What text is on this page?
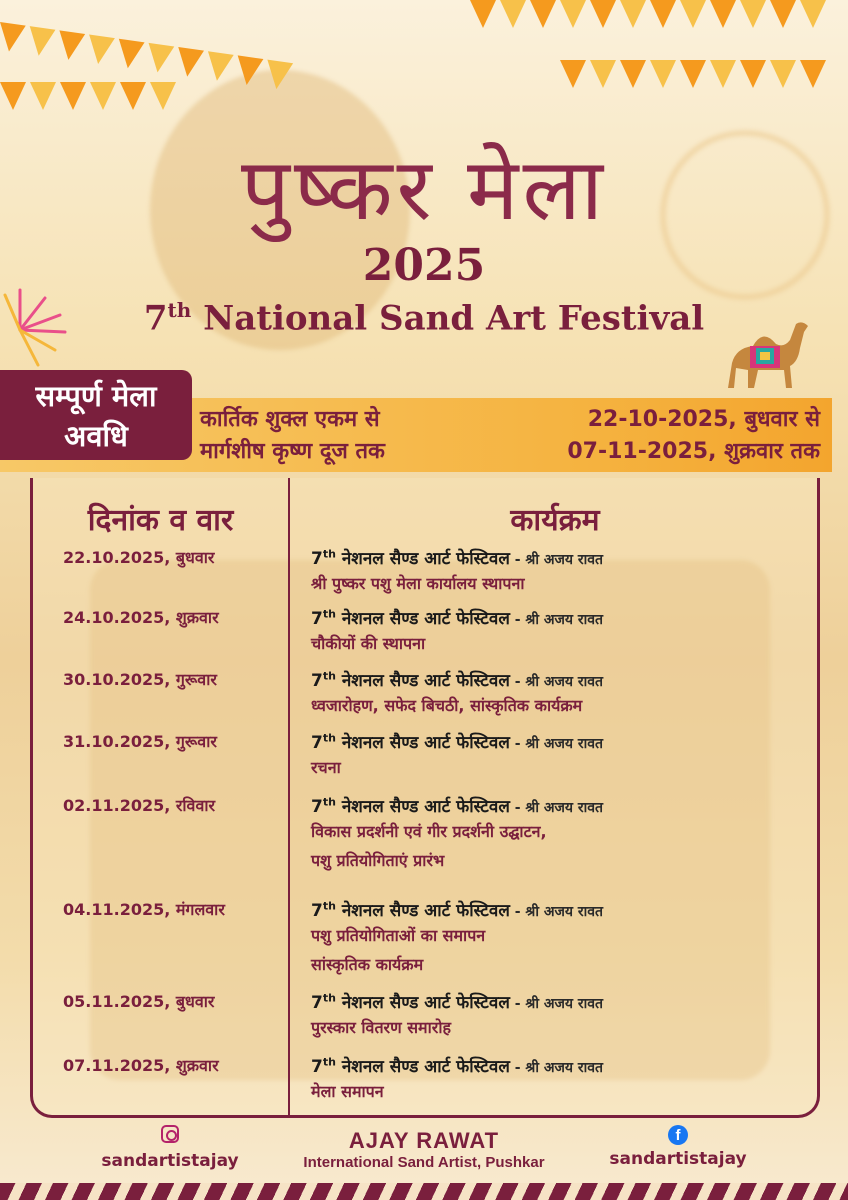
पुष्कर मेला
2025
7th National Sand Art Festival
सम्पूर्ण मेला
अवधि	कार्तिक शुक्ल एकम से	22-10-2025, बुधवार से
मार्गशीष कृष्ण दूज तक	07-11-2025, शुक्रवार तक
दिनांक व वार	कार्यक्रम
22.10.2025, बुधवार	7th नेशनल सैण्ड आर्ट फेस्टिवल - श्री अजय रावत
श्री पुष्कर पशु मेला कार्यालय स्थापना
24.10.2025, शुक्रवार	7th नेशनल सैण्ड आर्ट फेस्टिवल - श्री अजय रावत
चौकीयों की स्थापना
30.10.2025, गुरूवार	7th नेशनल सैण्ड आर्ट फेस्टिवल - श्री अजय रावत
ध्वजारोहण, सफेद बिचठी, सांस्कृतिक कार्यक्रम
31.10.2025, गुरूवार	7th नेशनल सैण्ड आर्ट फेस्टिवल - श्री अजय रावत
रचना
02.11.2025, रविवार	7th नेशनल सैण्ड आर्ट फेस्टिवल - श्री अजय रावत
विकास प्रदर्शनी एवं गीर प्रदर्शनी उद्घाटन,
पशु प्रतियोगिताएं प्रारंभ
04.11.2025, मंगलवार	7th नेशनल सैण्ड आर्ट फेस्टिवल - श्री अजय रावत
पशु प्रतियोगिताओं का समापन
सांस्कृतिक कार्यक्रम
05.11.2025, बुधवार	7th नेशनल सैण्ड आर्ट फेस्टिवल - श्री अजय रावत
पुरस्कार वितरण समारोह
07.11.2025, शुक्रवार	7th नेशनल सैण्ड आर्ट फेस्टिवल - श्री अजय रावत
मेला समापन
sandartistajay
AJAY RAWAT
International Sand Artist, Pushkar
f
sandartistajay
